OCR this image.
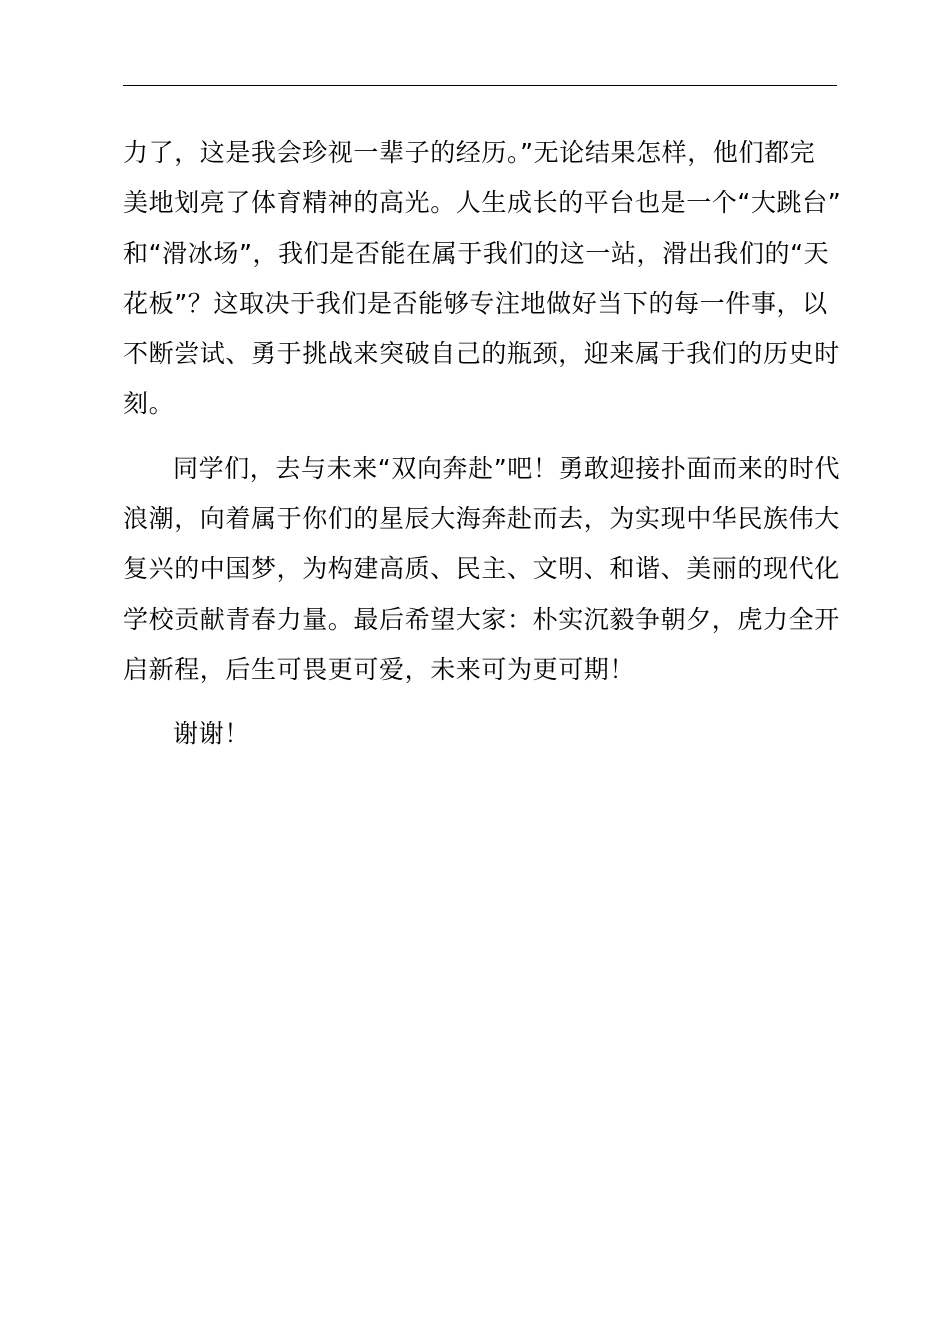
力了，这是我会珍视一辈子的经历。”无论结果怎样，他们都完
美地划亮了体育精神的高光。人生成长的平台也是一个“大跳台”
和“滑冰场”，我们是否能在属于我们的这一站，滑出我们的“天
花板”？这取决于我们是否能够专注地做好当下的每一件事，以
不断尝试、勇于挑战来突破自己的瓶颈，迎来属于我们的历史时
刻。

同学们，去与未来“双向奔赴”吧！勇敢迎接扑面而来的时代
浪潮，向着属于你们的星辰大海奔赴而去，为实现中华民族伟大
复兴的中国梦，为构建高质、民主、文明、和谐、美丽的现代化
学校贡献青春力量。最后希望大家：朴实沉毅争朝夕，虎力全开
启新程，后生可畏更可爱，未来可为更可期！

谢谢！
